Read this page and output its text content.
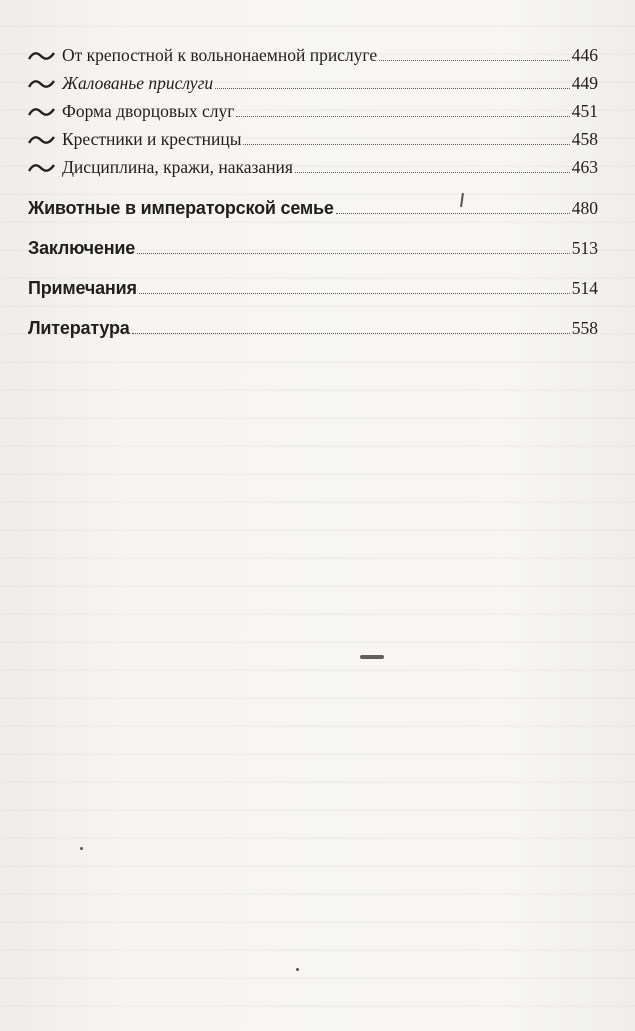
От крепостной к вольнонаемной прислуге	446
Жалованье прислуги	449
Форма дворцовых слуг	451
Крестники и крестницы	458
Дисциплина, кражи, наказания	463
Животные в императорской семье	480
Заключение	513
Примечания	514
Литература	558
